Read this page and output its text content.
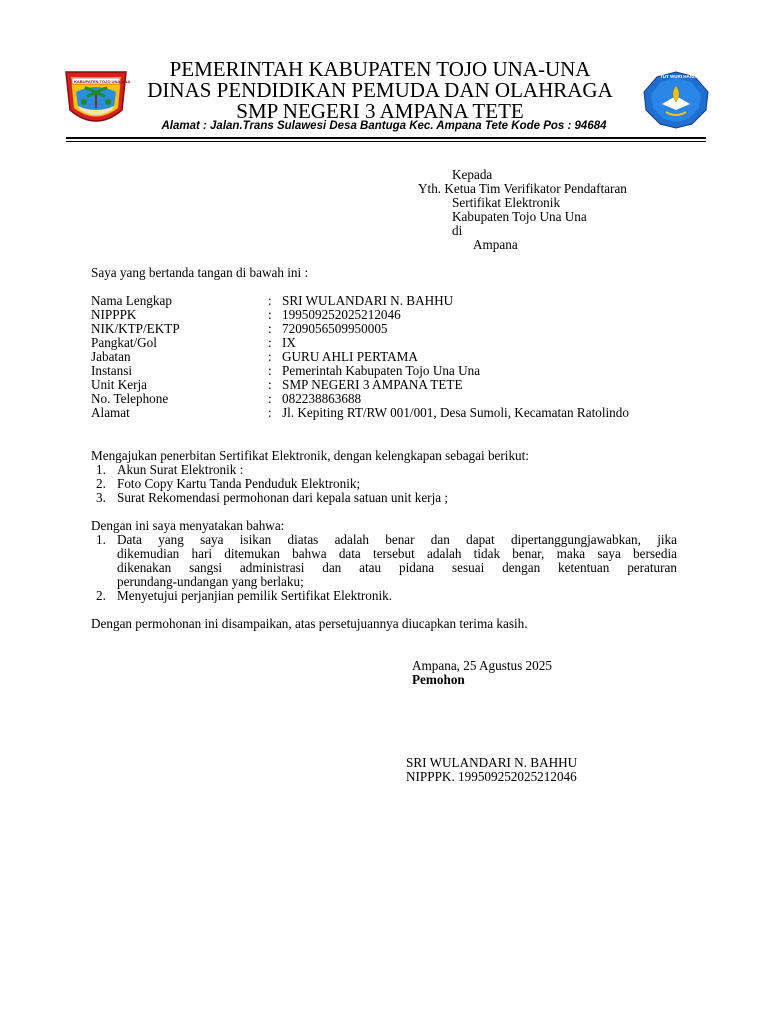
KABUPATEN TOJO UNA-UNA
TUT WURI HANDAYANI
PEMERINTAH KABUPATEN TOJO UNA-UNA
DINAS PENDIDIKAN PEMUDA DAN OLAHRAGA
SMP NEGERI 3 AMPANA TETE
Alamat : Jalan.Trans Sulawesi Desa Bantuga Kec. Ampana Tete Kode Pos : 94684
Kepada
Yth. Ketua Tim Verifikator Pendaftaran
Sertifikat Elektronik
Kabupaten Tojo Una Una
di
Ampana
Saya yang bertanda tangan di bawah ini :
Nama Lengkap	: SRI WULANDARI N. BAHHU
NIPPPK	: 199509252025212046
NIK/KTP/EKTP	: 7209056509950005
Pangkat/Gol	: IX
Jabatan	: GURU AHLI PERTAMA
Instansi	: Pemerintah Kabupaten Tojo Una Una
Unit Kerja	: SMP NEGERI 3 AMPANA TETE
No. Telephone	: 082238863688
Alamat	: Jl. Kepiting RT/RW 001/001, Desa Sumoli, Kecamatan Ratolindo
Mengajukan penerbitan Sertifikat Elektronik, dengan kelengkapan sebagai berikut:
1. Akun Surat Elektronik :
2. Foto Copy Kartu Tanda Penduduk Elektronik;
3. Surat Rekomendasi permohonan dari kepala satuan unit kerja ;
Dengan ini saya menyatakan bahwa:
1. Data yang saya isikan diatas adalah benar dan dapat dipertanggungjawabkan, jika
dikemudian hari ditemukan bahwa data tersebut adalah tidak benar, maka saya bersedia
dikenakan sangsi administrasi dan atau pidana sesuai dengan ketentuan peraturan
perundang-undangan yang berlaku;
2. Menyetujui perjanjian pemilik Sertifikat Elektronik.
Dengan permohonan ini disampaikan, atas persetujuannya diucapkan terima kasih.
Ampana, 25 Agustus 2025
Pemohon
SRI WULANDARI N. BAHHU
NIPPPK. 199509252025212046
